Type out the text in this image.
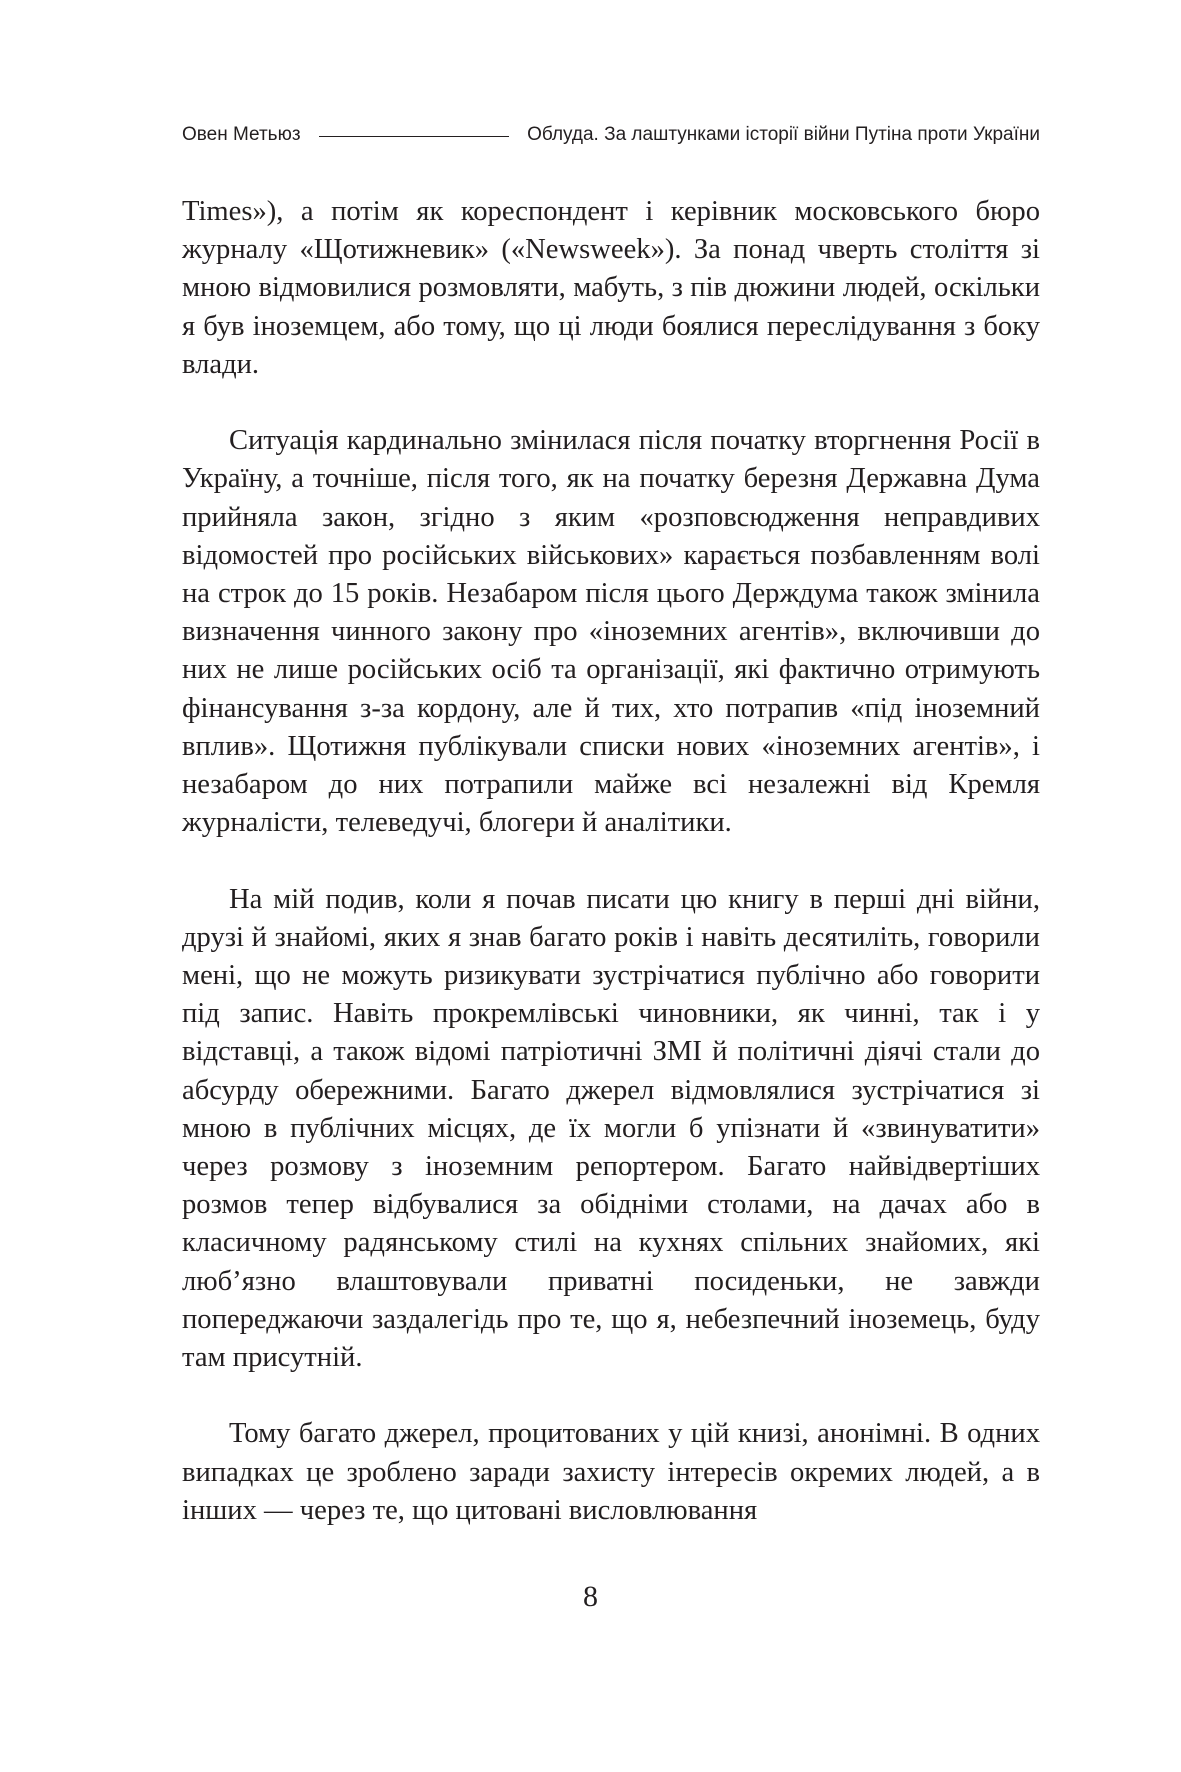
Овен Метьюз	Облуда. За лаштунками історії війни Путіна проти України

Times»), а потім як кореспондент і керівник московського бюро журналу «Щотижневик» («Newsweek»). За понад чверть століття зі мною відмовилися розмовляти, мабуть, з пів дюжини людей, оскільки я був іноземцем, або тому, що ці люди боялися переслідування з боку влади.

Ситуація кардинально змінилася після початку вторгнення Росії в Україну, а точніше, після того, як на початку березня Державна Дума прийняла закон, згідно з яким «розповсюдження неправдивих відомостей про російських військових» карається позбавленням волі на строк до 15 років. Незабаром після цього Держдума також змінила визначення чинного закону про «іноземних агентів», включивши до них не лише російських осіб та організації, які фактично отримують фінансування з-за кордону, але й тих, хто потрапив «під іноземний вплив». Щотижня публікували списки нових «іноземних агентів», і незабаром до них потрапили майже всі незалежні від Кремля журналісти, телеведучі, блогери й аналітики.

На мій подив, коли я почав писати цю книгу в перші дні війни, друзі й знайомі, яких я знав багато років і навіть десятиліть, говорили мені, що не можуть ризикувати зустрічатися публічно або говорити під запис. Навіть прокремлівські чиновники, як чинні, так і у відставці, а також відомі патріотичні ЗМІ й політичні діячі стали до абсурду обережними. Багато джерел відмовлялися зустрічатися зі мною в публічних місцях, де їх могли б упізнати й «звинуватити» через розмову з іноземним репортером. Багато найвідвертіших розмов тепер відбувалися за обідніми столами, на дачах або в класичному радянському стилі на кухнях спільних знайомих, які люб’язно влаштовували приватні посиденьки, не завжди попереджаючи заздалегідь про те, що я, небезпечний іноземець, буду там присутній.

Тому багато джерел, процитованих у цій книзі, анонімні. В одних випадках це зроблено заради захисту інтересів окремих людей, а в інших — через те, що цитовані висловлювання

8
